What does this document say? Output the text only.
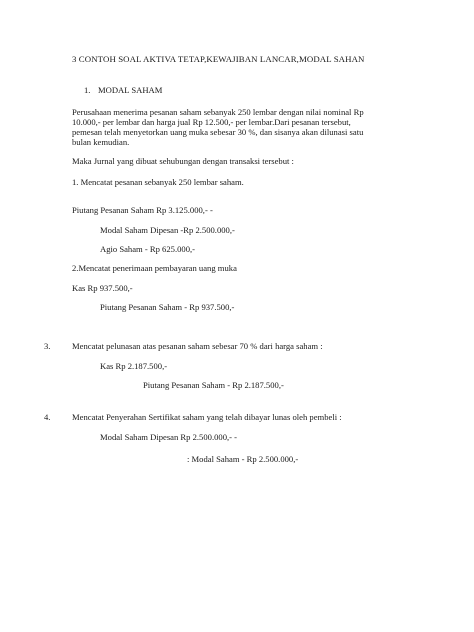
3 CONTOH SOAL AKTIVA TETAP,KEWAJIBAN LANCAR,MODAL SAHAN
1. MODAL SAHAM
Perusahaan menerima pesanan saham sebanyak 250 lembar dengan nilai nominal Rp
10.000,- per lembar dan harga jual Rp 12.500,- per lembar.Dari pesanan tersebut,
pemesan telah menyetorkan uang muka sebesar 30 %, dan sisanya akan dilunasi satu
bulan kemudian.
Maka Jurnal yang dibuat sehubungan dengan transaksi tersebut :
1. Mencatat pesanan sebanyak 250 lembar saham.
Piutang Pesanan Saham Rp 3.125.000,- -
Modal Saham Dipesan -Rp 2.500.000,-
Agio Saham - Rp 625.000,-
2.Mencatat penerimaan pembayaran uang muka
Kas Rp 937.500,-
Piutang Pesanan Saham - Rp 937.500,-
3.	Mencatat pelunasan atas pesanan saham sebesar 70 % dari harga saham :
Kas Rp 2.187.500,-
Piutang Pesanan Saham - Rp 2.187.500,-
4.	Mencatat Penyerahan Sertifikat saham yang telah dibayar lunas oleh pembeli :
Modal Saham Dipesan Rp 2.500.000,- -
: Modal Saham - Rp 2.500.000,-
